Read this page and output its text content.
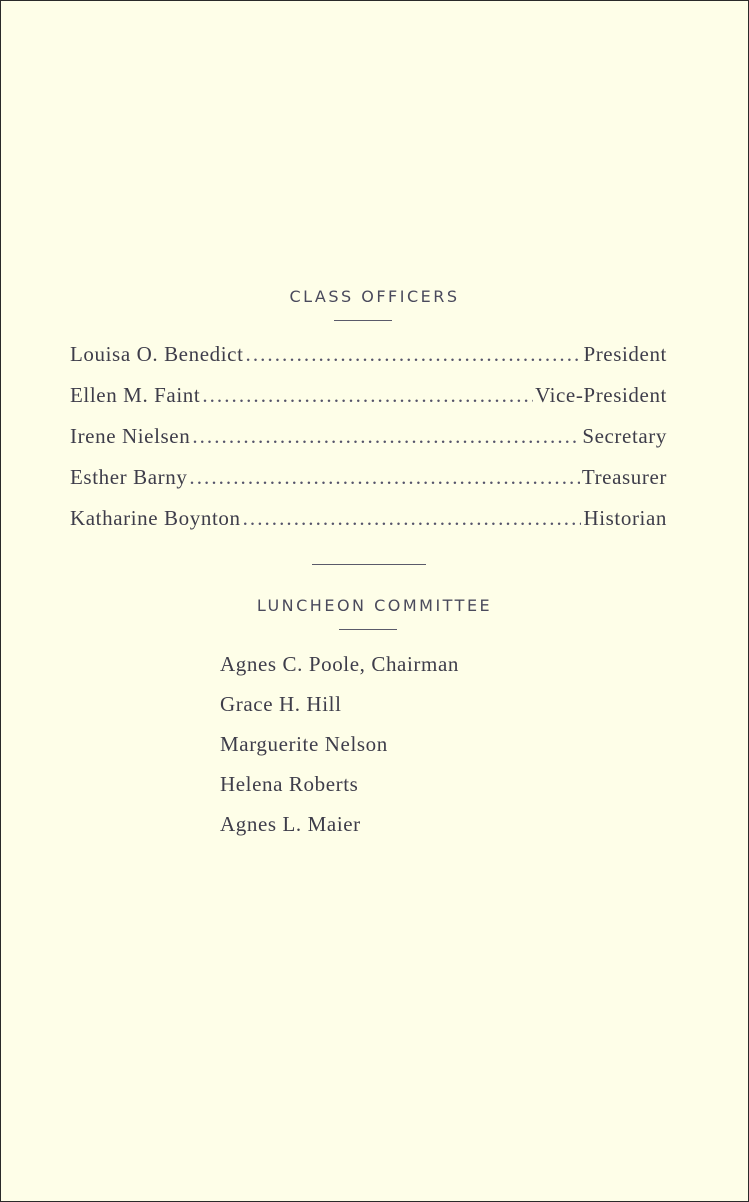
CLASS OFFICERS
Louisa O. Benedict . . .	President
Ellen M. Faint . . .	Vice-President
Irene Nielsen . . .	Secretary
Esther Barny . . .	Treasurer
Katharine Boynton . . .	Historian
LUNCHEON COMMITTEE
Agnes C. Poole, Chairman
Grace H. Hill
Marguerite Nelson
Helena Roberts
Agnes L. Maier
